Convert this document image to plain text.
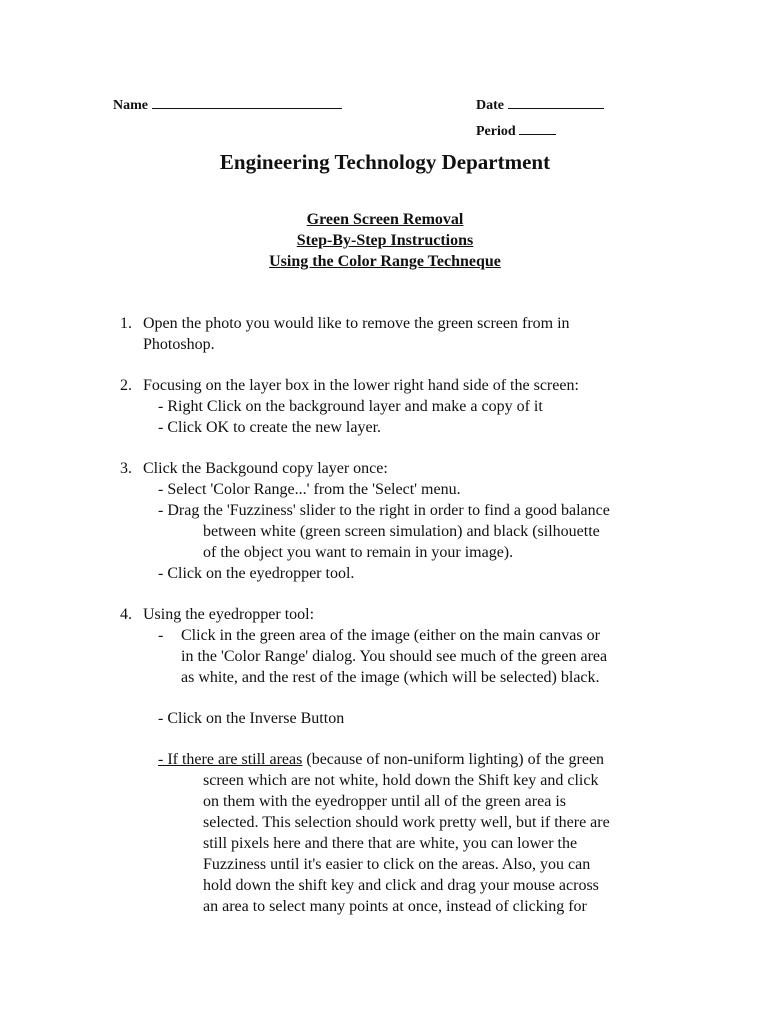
Name	Date
Period
Engineering Technology Department
Green Screen Removal
Step-By-Step Instructions
Using the Color Range Techneque
1. Open the photo you would like to remove the green screen from in
Photoshop.
2. Focusing on the layer box in the lower right hand side of the screen:
- Right Click on the background layer and make a copy of it
- Click OK to create the new layer.
3. Click the Backgound copy layer once:
- Select 'Color Range...' from the 'Select' menu.
- Drag the 'Fuzziness' slider to the right in order to find a good balance
between white (green screen simulation) and black (silhouette
of the object you want to remain in your image).
- Click on the eyedropper tool.
4. Using the eyedropper tool:
-	Click in the green area of the image (either on the main canvas or
in the 'Color Range' dialog. You should see much of the green area
as white, and the rest of the image (which will be selected) black.
- Click on the Inverse Button
- If there are still areas (because of non-uniform lighting) of the green
screen which are not white, hold down the Shift key and click
on them with the eyedropper until all of the green area is
selected. This selection should work pretty well, but if there are
still pixels here and there that are white, you can lower the
Fuzziness until it's easier to click on the areas. Also, you can
hold down the shift key and click and drag your mouse across
an area to select many points at once, instead of clicking for
